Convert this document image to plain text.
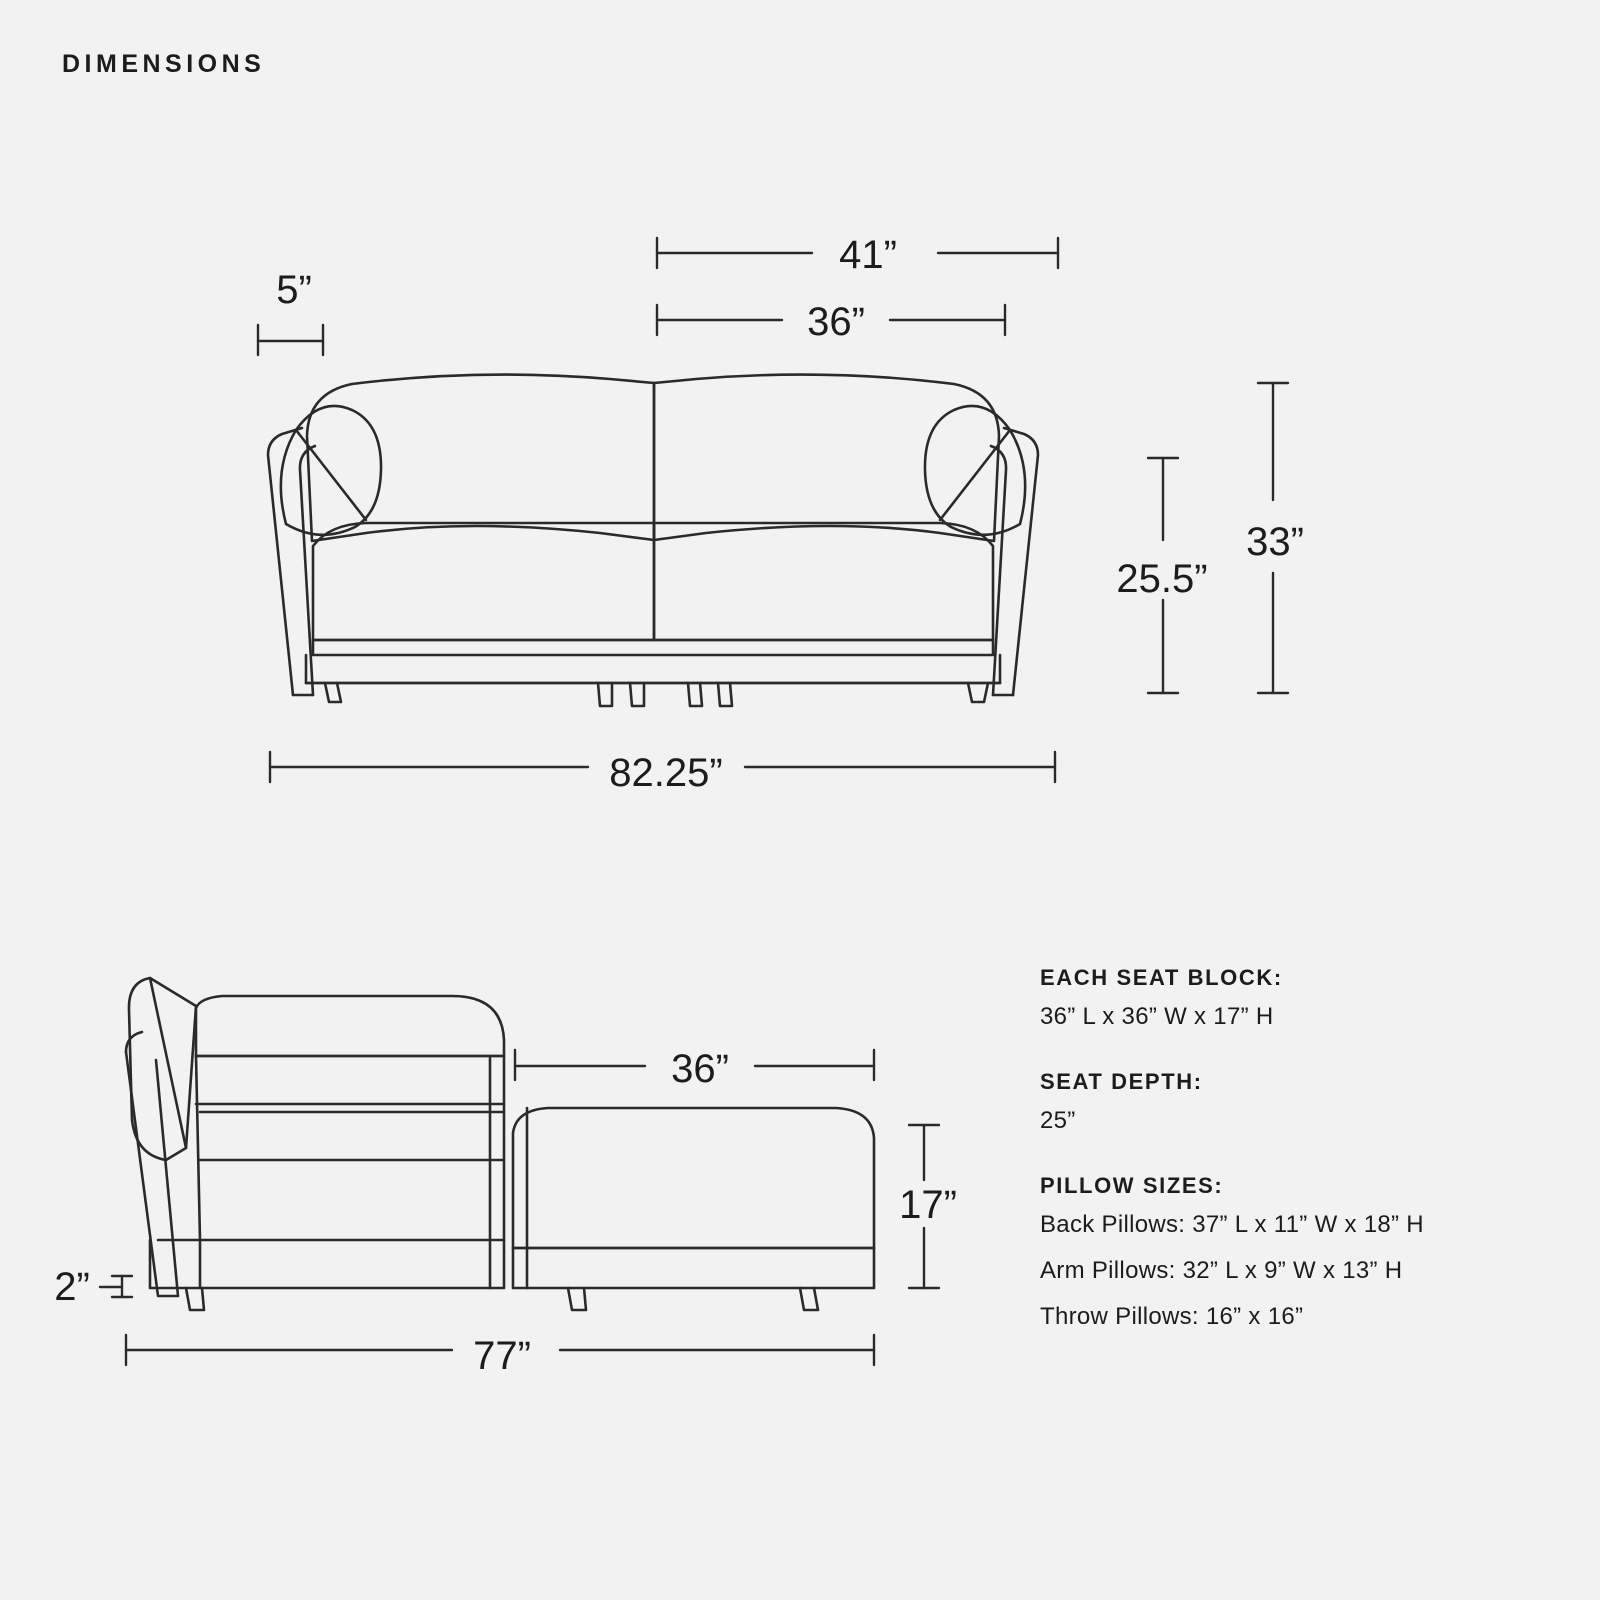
DIMENSIONS
41”
36”
5”
33”
25.5”
82.25”
36”
17”
2”
77”

EACH SEAT BLOCK:

36” L x 36” W x 17” H

SEAT DEPTH:

25”

PILLOW SIZES:

Back Pillows: 37” L x 11” W x 18” H

Arm Pillows: 32” L x 9” W x 13” H

Throw Pillows: 16” x 16”
